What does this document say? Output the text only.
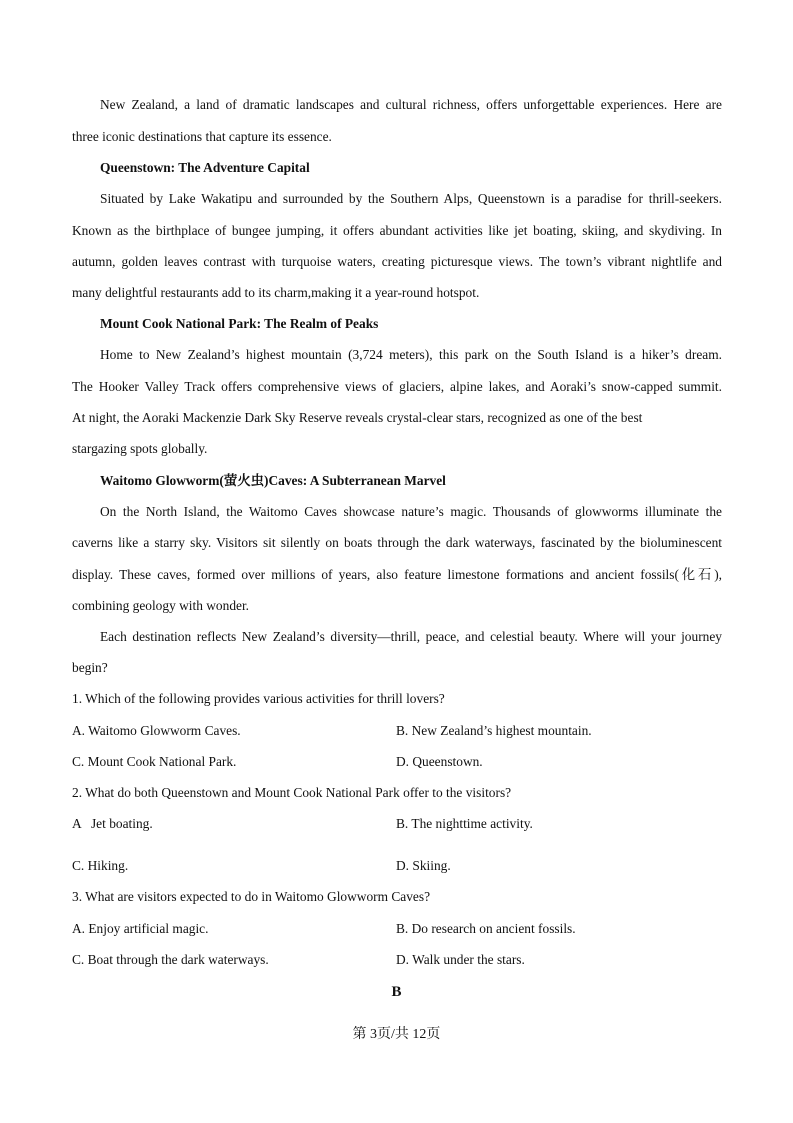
New Zealand, a land of dramatic landscapes and cultural richness, offers unforgettable experiences. Here are
three iconic destinations that capture its essence.
Queenstown: The Adventure Capital
Situated by Lake Wakatipu and surrounded by the Southern Alps, Queenstown is a paradise for thrill-seekers.
Known as the birthplace of bungee jumping, it offers abundant activities like jet boating, skiing, and skydiving. In
autumn, golden leaves contrast with turquoise waters, creating picturesque views. The town’s vibrant nightlife and
many delightful restaurants add to its charm,making it a year-round hotspot.
Mount Cook National Park: The Realm of Peaks
Home to New Zealand’s highest mountain (3,724 meters), this park on the South Island is a hiker’s dream.
The Hooker Valley Track offers comprehensive views of glaciers, alpine lakes, and Aoraki’s snow-capped summit.
At night, the Aoraki Mackenzie Dark Sky Reserve reveals crystal-clear stars, recognized as one of the best
stargazing spots globally.
Waitomo Glowworm(萤火虫)Caves: A Subterranean Marvel
On the North Island, the Waitomo Caves showcase nature’s magic. Thousands of glowworms illuminate the
caverns like a starry sky. Visitors sit silently on boats through the dark waterways, fascinated by the bioluminescent
display. These caves, formed over millions of years, also feature limestone formations and ancient fossils(化石),
combining geology with wonder.
Each destination reflects New Zealand’s diversity—thrill, peace, and celestial beauty. Where will your journey
begin?
1. Which of the following provides various activities for thrill lovers?
A. Waitomo Glowworm Caves.	B. New Zealand’s highest mountain.
C. Mount Cook National Park.	D. Queenstown.
2. What do both Queenstown and Mount Cook National Park offer to the visitors?
A   Jet boating.	B. The nighttime activity.
C. Hiking.	D. Skiing.
3. What are visitors expected to do in Waitomo Glowworm Caves?
A. Enjoy artificial magic.	B. Do research on ancient fossils.
C. Boat through the dark waterways.	D. Walk under the stars.
B
第 3页/共 12页
